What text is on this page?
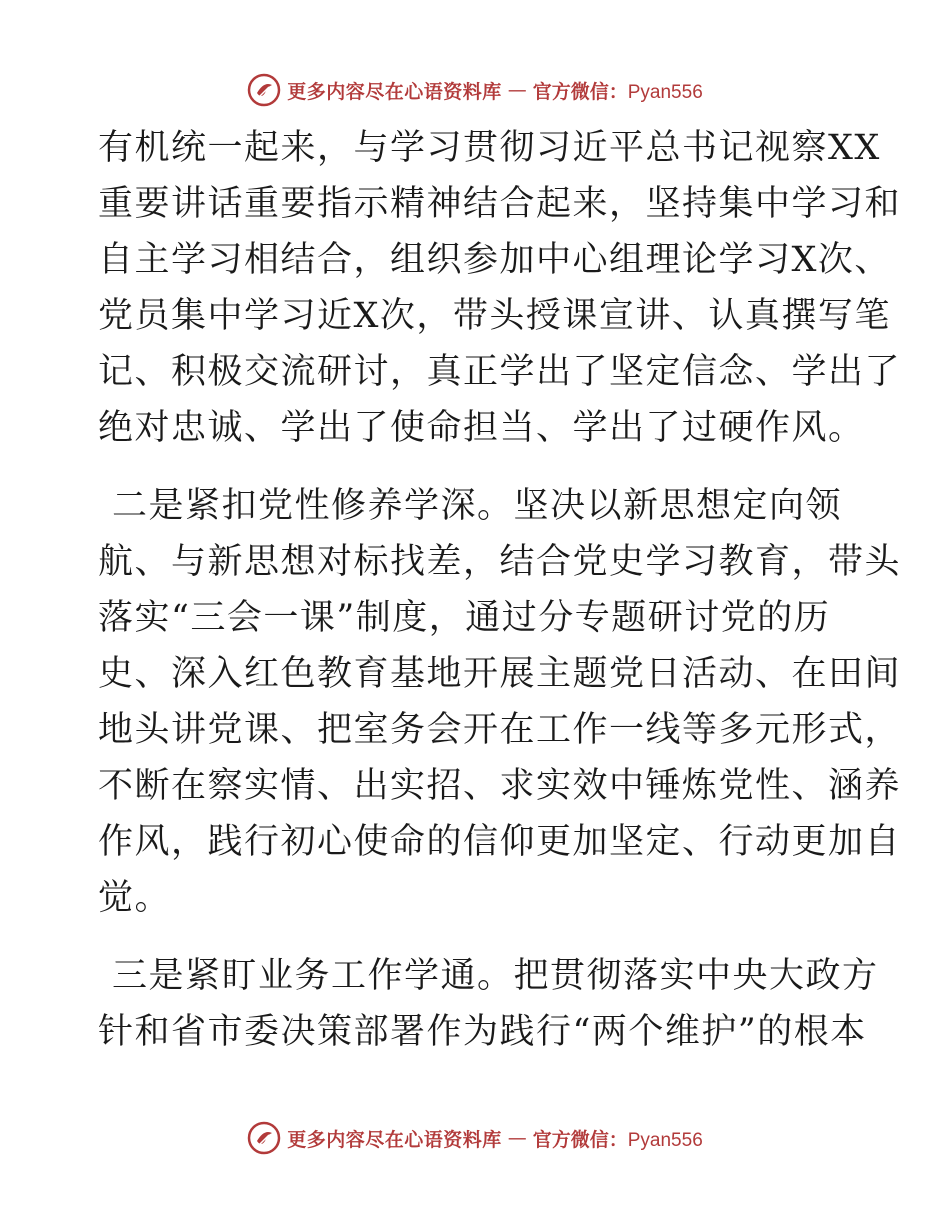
更多内容尽在心语资料库 — 官方微信：Pyan556
有机统一起来，与学习贯彻习近平总书记视察XX
重要讲话重要指示精神结合起来，坚持集中学习和
自主学习相结合，组织参加中心组理论学习X次、
党员集中学习近X次，带头授课宣讲、认真撰写笔
记、积极交流研讨，真正学出了坚定信念、学出了
绝对忠诚、学出了使命担当、学出了过硬作风。
二是紧扣党性修养学深。坚决以新思想定向领
航、与新思想对标找差，结合党史学习教育，带头
落实“三会一课”制度，通过分专题研讨党的历
史、深入红色教育基地开展主题党日活动、在田间
地头讲党课、把室务会开在工作一线等多元形式，
不断在察实情、出实招、求实效中锤炼党性、涵养
作风，践行初心使命的信仰更加坚定、行动更加自
觉。
三是紧盯业务工作学通。把贯彻落实中央大政方
针和省市委决策部署作为践行“两个维护”的根本
更多内容尽在心语资料库 — 官方微信：Pyan556
